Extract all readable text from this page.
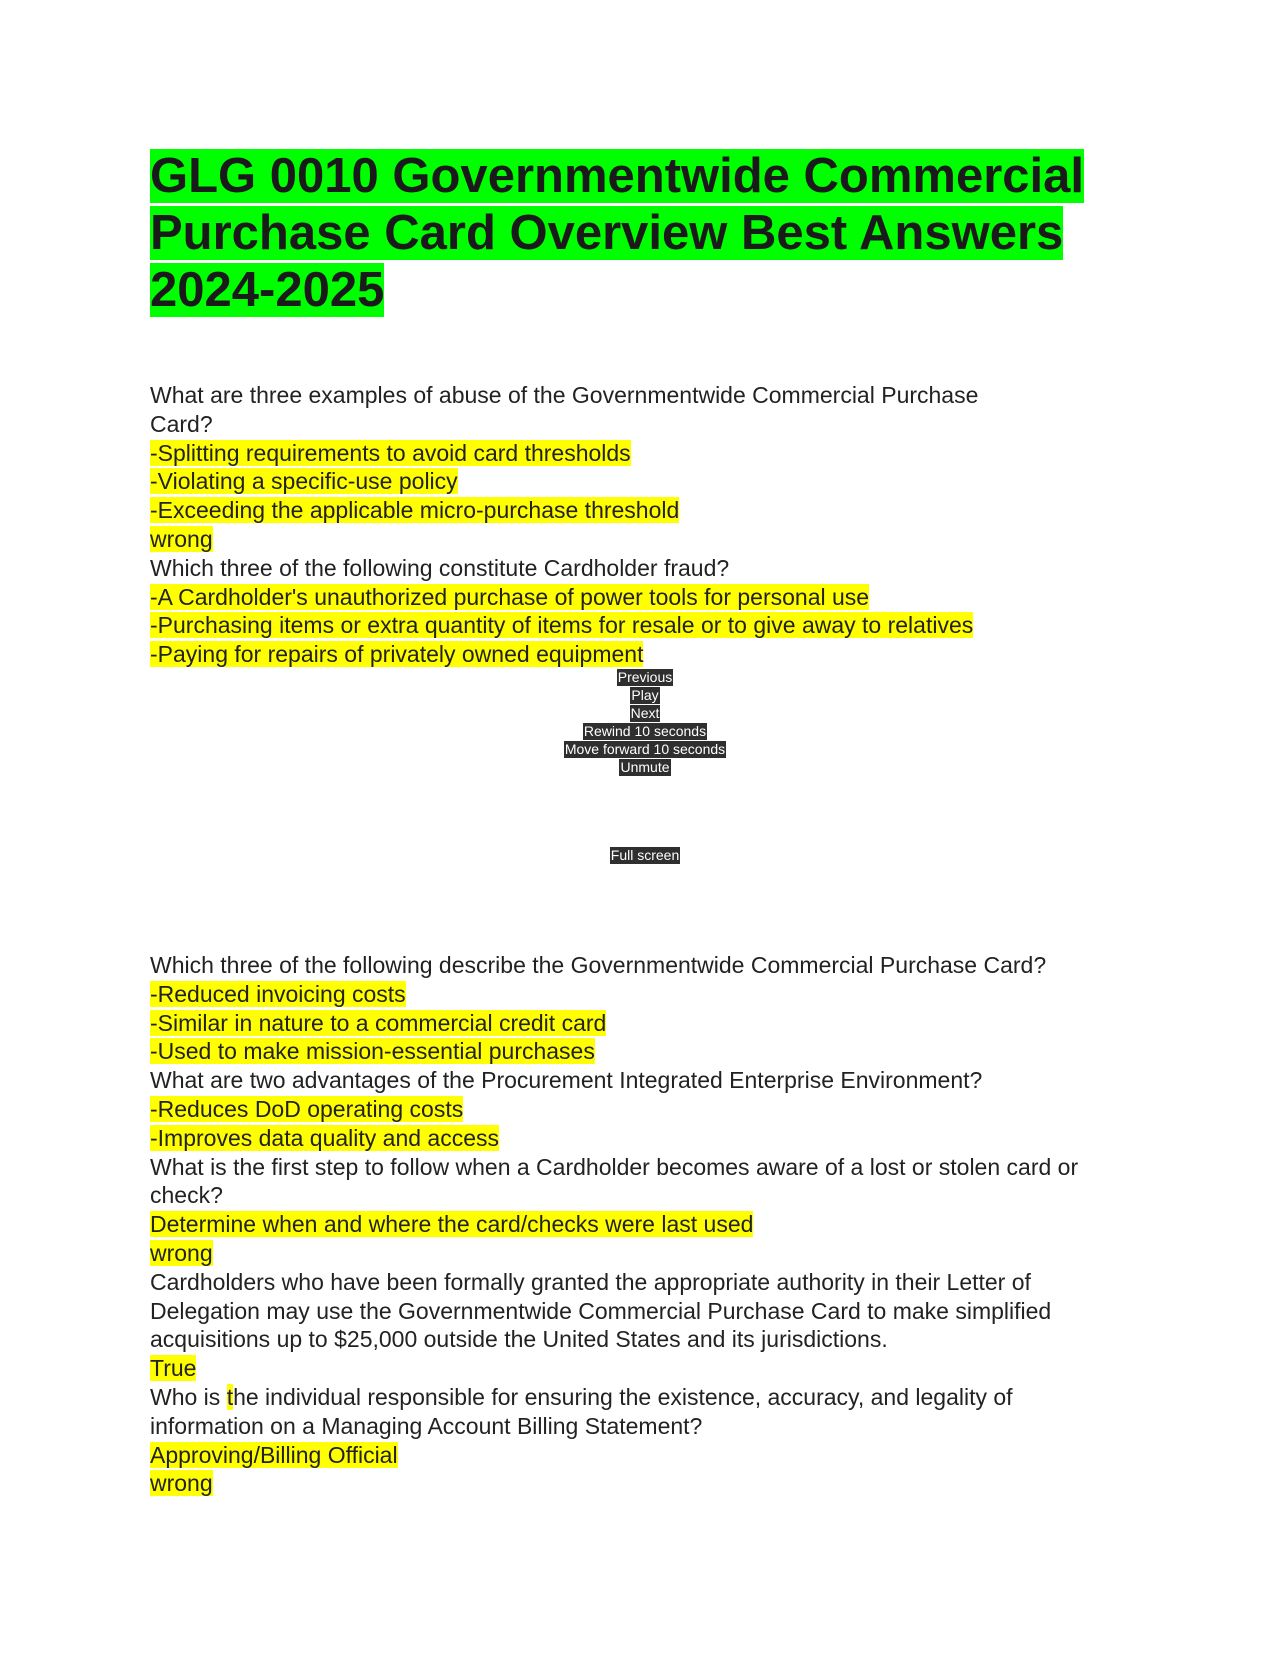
GLG 0010 Governmentwide Commercial Purchase Card Overview Best Answers 2024-2025
What are three examples of abuse of the Governmentwide Commercial Purchase Card?
-Splitting requirements to avoid card thresholds
-Violating a specific-use policy
-Exceeding the applicable micro-purchase threshold
wrong
Which three of the following constitute Cardholder fraud?
-A Cardholder's unauthorized purchase of power tools for personal use
-Purchasing items or extra quantity of items for resale or to give away to relatives
-Paying for repairs of privately owned equipment
Previous
Play
Next
Rewind 10 seconds
Move forward 10 seconds
Unmute
Full screen
Which three of the following describe the Governmentwide Commercial Purchase Card?
-Reduced invoicing costs
-Similar in nature to a commercial credit card
-Used to make mission-essential purchases
What are two advantages of the Procurement Integrated Enterprise Environment?
-Reduces DoD operating costs
-Improves data quality and access
What is the first step to follow when a Cardholder becomes aware of a lost or stolen card or check?
Determine when and where the card/checks were last used
wrong
Cardholders who have been formally granted the appropriate authority in their Letter of Delegation may use the Governmentwide Commercial Purchase Card to make simplified acquisitions up to $25,000 outside the United States and its jurisdictions.
True
Who is the individual responsible for ensuring the existence, accuracy, and legality of information on a Managing Account Billing Statement?
Approving/Billing Official
wrong
